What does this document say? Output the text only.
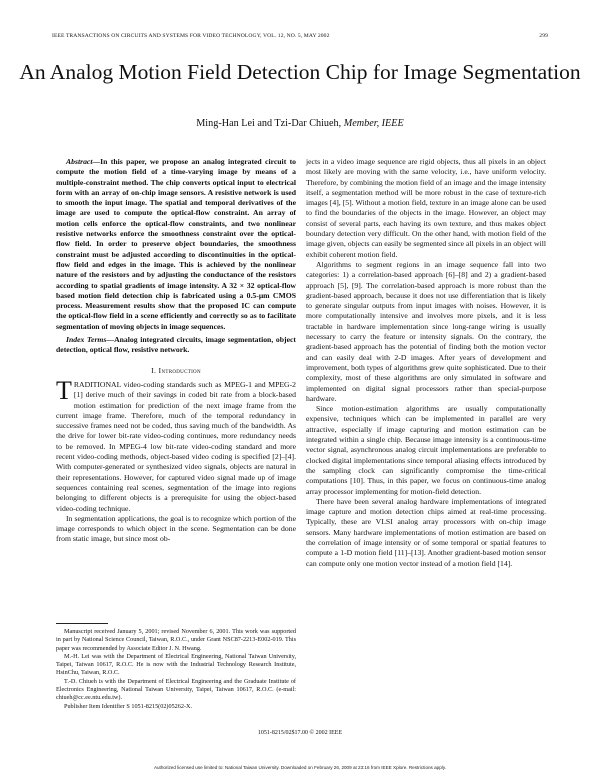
IEEE TRANSACTIONS ON CIRCUITS AND SYSTEMS FOR VIDEO TECHNOLOGY, VOL. 12, NO. 5, MAY 2002	299
An Analog Motion Field Detection Chip for Image Segmentation
Ming-Han Lei and Tzi-Dar Chiueh, Member, IEEE

Abstract—In this paper, we propose an analog integrated circuit to compute the motion field of a time-varying image by means of a multiple-constraint method. The chip converts optical input to electrical form with an array of on-chip image sensors. A resistive network is used to smooth the input image. The spatial and temporal derivatives of the image are used to compute the optical-flow constraint. An array of motion cells enforce the optical-flow constraints, and two nonlinear resistive networks enforce the smoothness constraint over the optical-flow field. In order to preserve object boundaries, the smoothness constraint must be adjusted according to discontinuities in the optical-flow field and edges in the image. This is achieved by the nonlinear nature of the resistors and by adjusting the conductance of the resistors according to spatial gradients of image intensity. A 32 × 32 optical-flow based motion field detection chip is fabricated using a 0.5-μm CMOS process. Measurement results show that the proposed IC can compute the optical-flow field in a scene efficiently and correctly so as to facilitate segmentation of moving objects in image sequences.

Index Terms—Analog integrated circuits, image segmentation, object detection, optical flow, resistive network.

I. Introduction

TRADITIONAL video-coding standards such as MPEG-1 and MPEG-2 [1] derive much of their savings in coded bit rate from a block-based motion estimation for prediction of the next image frame from the current image frame. Therefore, much of the temporal redundancy in successive frames need not be coded, thus saving much of the bandwidth. As the drive for lower bit-rate video-coding continues, more redundancy needs to be removed. In MPEG-4 low bit-rate video-coding standard and more recent video-coding methods, object-based video coding is specified [2]–[4]. With computer-generated or synthesized video signals, objects are natural in their representations. However, for captured video signal made up of image sequences containing real scenes, segmentation of the image into regions belonging to different objects is a prerequisite for using the object-based video-coding technique.

In segmentation applications, the goal is to recognize which portion of the image corresponds to which object in the scene. Segmentation can be done from static image, but since most ob-

jects in a video image sequence are rigid objects, thus all pixels in an object most likely are moving with the same velocity, i.e., have uniform velocity. Therefore, by combining the motion field of an image and the image intensity itself, a segmentation method will be more robust in the case of texture-rich images [4], [5]. Without a motion field, texture in an image alone can be used to find the boundaries of the objects in the image. However, an object may consist of several parts, each having its own texture, and thus makes object boundary detection very difficult. On the other hand, with motion field of the image given, objects can easily be segmented since all pixels in an object will exhibit coherent motion field.

Algorithms to segment regions in an image sequence fall into two categories: 1) a correlation-based approach [6]–[8] and 2) a gradient-based approach [5], [9]. The correlation-based approach is more robust than the gradient-based approach, because it does not use differentiation that is likely to generate singular outputs from input images with noises. However, it is more computationally intensive and involves more pixels, and it is less tractable in hardware implementation since long-range wiring is usually necessary to carry the feature or intensity signals. On the contrary, the gradient-based approach has the potential of finding both the motion vector and can easily deal with 2-D images. After years of development and improvement, both types of algorithms grew quite sophisticated. Due to their complexity, most of these algorithms are only simulated in software and implemented on digital signal processors rather than special-purpose hardware.

Since motion-estimation algorithms are usually computationally expensive, techniques which can be implemented in parallel are very attractive, especially if image capturing and motion estimation can be integrated within a single chip. Because image intensity is a continuous-time vector signal, asynchronous analog circuit implementations are preferable to clocked digital implementations since temporal aliasing effects introduced by the sampling clock can significantly compromise the time-critical computations [10]. Thus, in this paper, we focus on continuous-time analog array processor implementing for motion-field detection.

There have been several analog hardware implementations of integrated image capture and motion detection chips aimed at real-time processing. Typically, these are VLSI analog array processors with on-chip image sensors. Many hardware implementations of motion estimation are based on the correlation of image intensity or of some temporal or spatial features to compute a 1-D motion field [11]–[13]. Another gradient-based motion sensor can compute only one motion vector instead of a motion field [14].

Manuscript received January 5, 2001; revised November 6, 2001. This work was supported in part by National Science Council, Taiwan, R.O.C., under Grant NSC87-2213-E002-019. This paper was recommended by Associate Editor J. N. Hwang.

M.-H. Lei was with the Department of Electrical Engineering, National Taiwan University, Taipei, Taiwan 10617, R.O.C. He is now with the Industrial Technology Research Institute, HsinChu, Taiwan, R.O.C.

T.-D. Chiueh is with the Department of Electrical Engineering and the Graduate Institute of Electronics Engineering, National Taiwan University, Taipei, Taiwan 10617, R.O.C. (e-mail: chiueh@cc.ee.ntu.edu.tw).

Publisher Item Identifier S 1051-8215(02)05262-X.

1051-8215/02$17.00 © 2002 IEEE
Authorized licensed use limited to: National Taiwan University. Downloaded on February 26, 2009 at 23:16 from IEEE Xplore. Restrictions apply.
